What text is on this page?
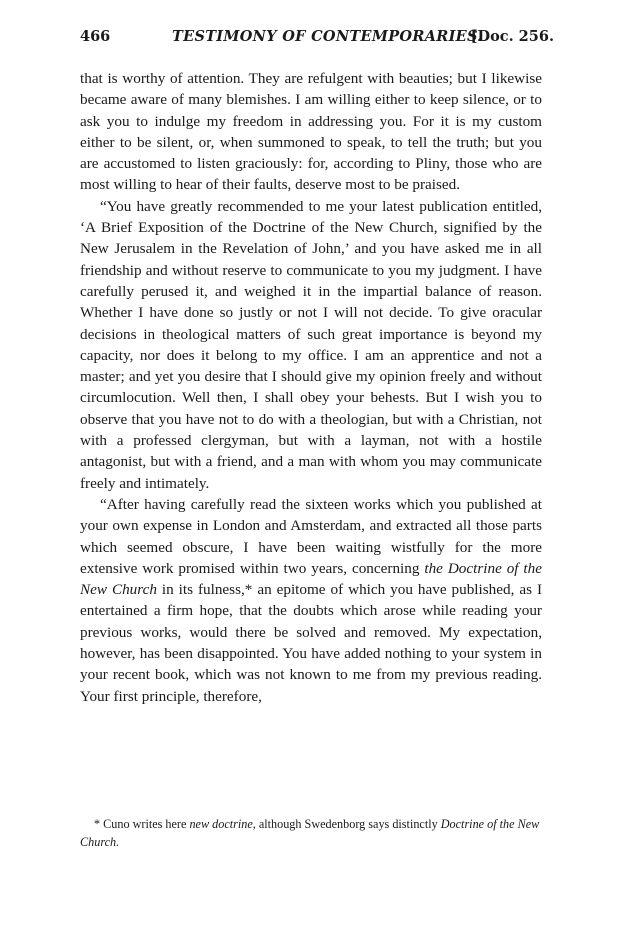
466	TESTIMONY OF CONTEMPORARIES.
[Doc. 256.

that is worthy of attention. They are refulgent with beauties; but I likewise became aware of many blemishes. I am willing either to keep silence, or to ask you to indulge my freedom in addressing you. For it is my custom either to be silent, or, when summoned to speak, to tell the truth; but you are accustomed to listen graciously: for, according to Pliny, those who are most willing to hear of their faults, deserve most to be praised.

“You have greatly recommended to me your latest publication entitled, ‘A Brief Exposition of the Doctrine of the New Church, signified by the New Jerusalem in the Revelation of John,’ and you have asked me in all friendship and without reserve to communicate to you my judgment. I have carefully perused it, and weighed it in the impartial balance of reason. Whether I have done so justly or not I will not decide. To give oracular decisions in theological matters of such great importance is beyond my capacity, nor does it belong to my office. I am an apprentice and not a master; and yet you desire that I should give my opinion freely and without circumlocution. Well then, I shall obey your behests. But I wish you to observe that you have not to do with a theologian, but with a Christian, not with a professed clergyman, but with a layman, not with a hostile antagonist, but with a friend, and a man with whom you may communicate freely and intimately.

“After having carefully read the sixteen works which you published at your own expense in London and Amsterdam, and extracted all those parts which seemed obscure, I have been waiting wistfully for the more extensive work promised within two years, concerning the Doctrine of the New Church in its fulness,* an epitome of which you have published, as I entertained a firm hope, that the doubts which arose while reading your previous works, would there be solved and removed. My expectation, however, has been disappointed. You have added nothing to your system in your recent book, which was not known to me from my previous reading. Your first principle, therefore,

* Cuno writes here new doctrine, although Swedenborg says distinctly Doctrine of the New Church.
